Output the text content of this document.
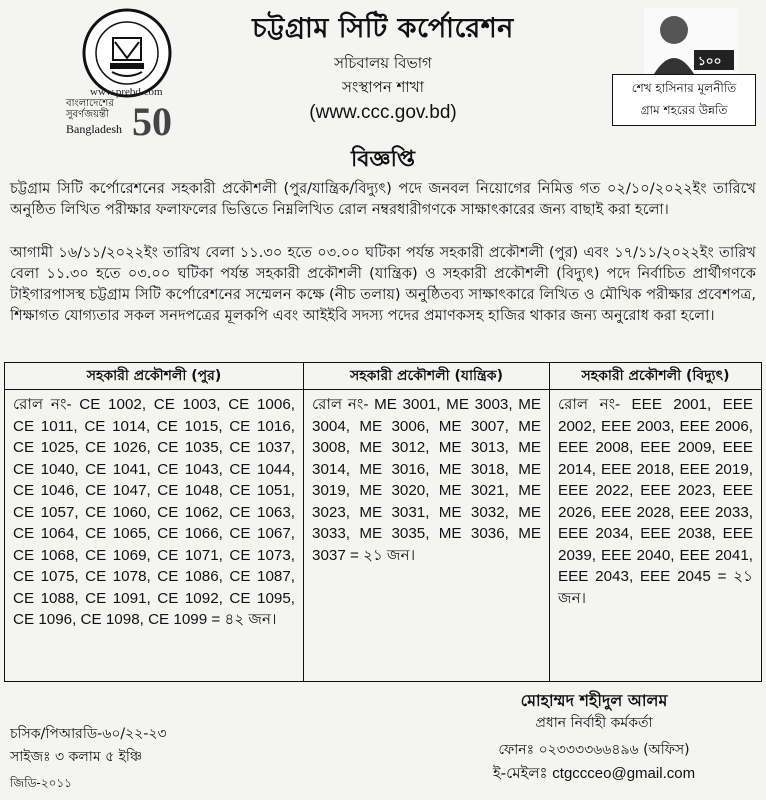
www.prebd.com
বাংলাদেশের সুবর্ণজয়ন্তী
Bangladesh 50
চট্টগ্রাম সিটি কর্পোরেশন
সচিবালয় বিভাগ
সংস্থাপন শাখা
(www.ccc.gov.bd)
বিজ্ঞপ্তি
১০০
শেখ হাসিনার মূলনীতি
গ্রাম শহরের উন্নতি

চট্টগ্রাম সিটি কর্পোরেশনের সহকারী প্রকৌশলী (পুর/যান্ত্রিক/বিদ্যুৎ) পদে জনবল নিয়োগের নিমিত্ত গত ০২/১০/২০২২ইং তারিখে অনুষ্ঠিত লিখিত পরীক্ষার ফলাফলের ভিত্তিতে নিম্নলিখিত রোল নম্বরধারীগণকে সাক্ষাৎকারের জন্য বাছাই করা হলো।

আগামী ১৬/১১/২০২২ইং তারিখ বেলা ১১.৩০ হতে ০৩.০০ ঘটিকা পর্যন্ত সহকারী প্রকৌশলী (পুর) এবং ১৭/১১/২০২২ইং তারিখ বেলা ১১.৩০ হতে ০৩.০০ ঘটিকা পর্যন্ত সহকারী প্রকৌশলী (যান্ত্রিক) ও সহকারী প্রকৌশলী (বিদ্যুৎ) পদে নির্বাচিত প্রার্থীগণকে টাইগারপাসস্থ চট্টগ্রাম সিটি কর্পোরেশনের সম্মেলন কক্ষে (নীচ তলায়) অনুষ্ঠিতব্য সাক্ষাৎকারে লিখিত ও মৌখিক পরীক্ষার প্রবেশপত্র, শিক্ষাগত যোগ্যতার সকল সনদপত্রের মূলকপি এবং আইইবি সদস্য পদের প্রমাণকসহ হাজির থাকার জন্য অনুরোধ করা হলো।

সহকারী প্রকৌশলী (পুর)
রোল নং- CE 1002, CE 1003, CE 1006, CE 1011, CE 1014, CE 1015, CE 1016, CE 1025, CE 1026, CE 1035, CE 1037, CE 1040, CE 1041, CE 1043, CE 1044, CE 1046, CE 1047, CE 1048, CE 1051, CE 1057, CE 1060, CE 1062, CE 1063, CE 1064, CE 1065, CE 1066, CE 1067, CE 1068, CE 1069, CE 1071, CE 1073, CE 1075, CE 1078, CE 1086, CE 1087, CE 1088, CE 1091, CE 1092, CE 1095, CE 1096, CE 1098, CE 1099 = ৪২ জন।
সহকারী প্রকৌশলী (যান্ত্রিক)
রোল নং- ME 3001, ME 3003, ME 3004, ME 3006, ME 3007, ME 3008, ME 3012, ME 3013, ME 3014, ME 3016, ME 3018, ME 3019, ME 3020, ME 3021, ME 3023, ME 3031, ME 3032, ME 3033, ME 3035, ME 3036, ME 3037 = ২১ জন।
সহকারী প্রকৌশলী (বিদ্যুৎ)
রোল নং- EEE 2001, EEE 2002, EEE 2003, EEE 2006, EEE 2008, EEE 2009, EEE 2014, EEE 2018, EEE 2019, EEE 2022, EEE 2023, EEE 2026, EEE 2028, EEE 2033, EEE 2034, EEE 2038, EEE 2039, EEE 2040, EEE 2041, EEE 2043, EEE 2045 = ২১ জন।
চসিক/পিআরডি-৬০/২২-২৩
সাইজঃ ৩ কলাম ৫ ইঞ্চি
জিডি-২০১১
মোহাম্মদ শহীদুল আলম
প্রধান নির্বাহী কর্মকর্তা
ফোনঃ ০২৩৩৩৩৬৬৪৯৬ (অফিস)
ই-মেইলঃ ctgccceo@gmail.com
